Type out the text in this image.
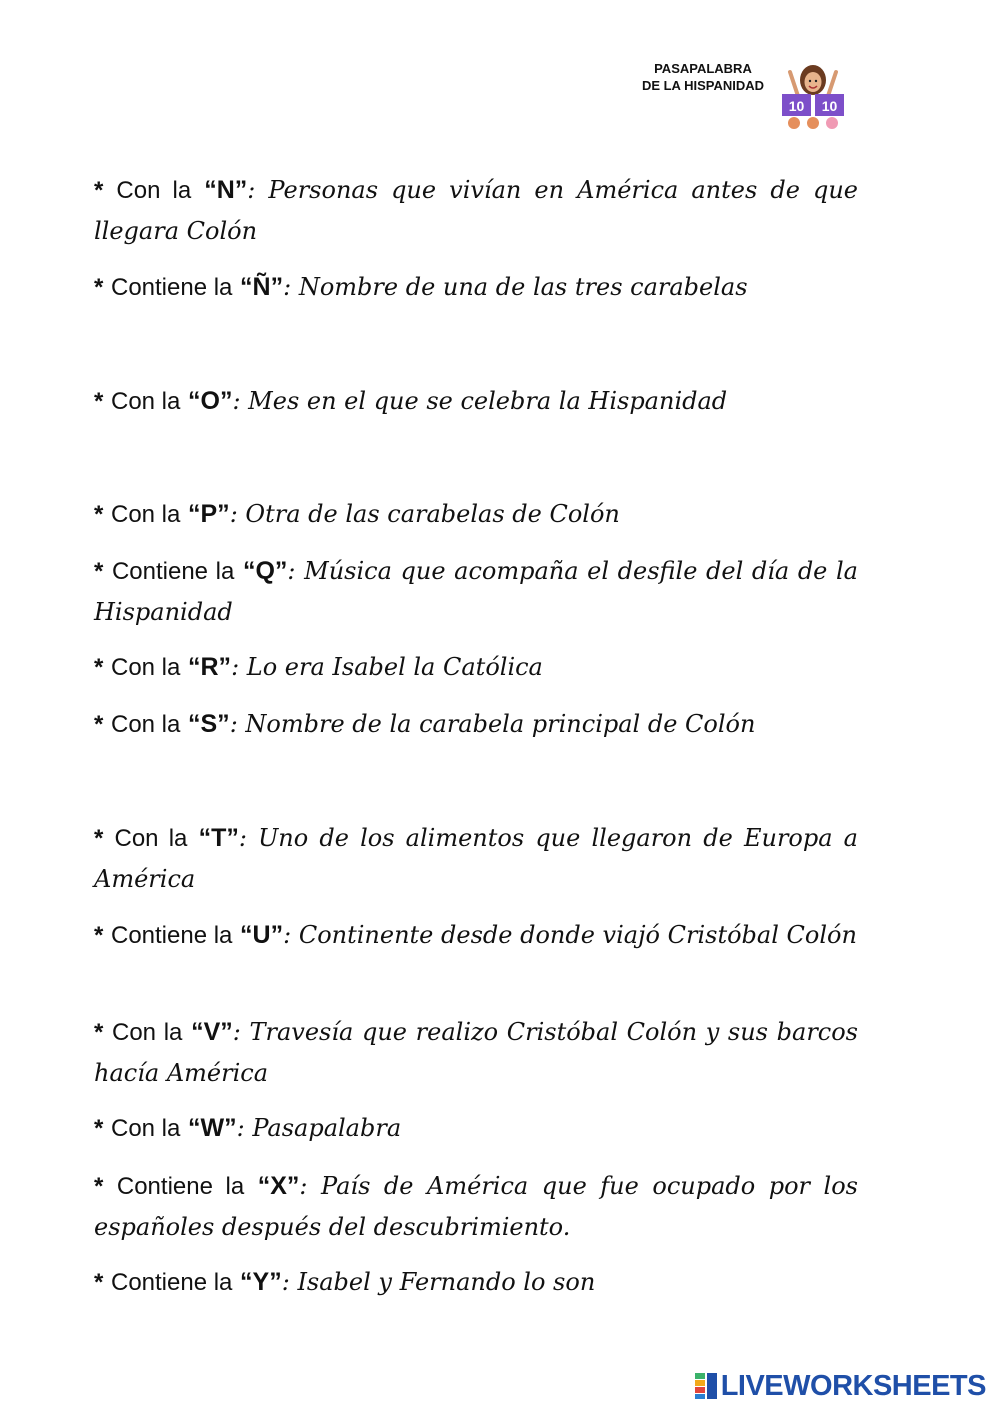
PASAPALABRA
DE LA HISPANIDAD
10 10

* Con la “N”: Personas que vivían en América antes de que llegara Colón

* Contiene la “Ñ”: Nombre de una de las tres carabelas

* Con la “O”: Mes en el que se celebra la Hispanidad

* Con la “P”: Otra de las carabelas de Colón

* Contiene la “Q”: Música que acompaña el desfile del día de la Hispanidad

* Con la “R”: Lo era Isabel la Católica

* Con la “S”: Nombre de la carabela principal de Colón

* Con la “T”: Uno de los alimentos que llegaron de Europa a América

* Contiene la “U”: Continente desde donde viajó Cristóbal Colón

* Con la “V”: Travesía que realizo Cristóbal Colón y sus barcos hacía América

* Con la “W”: Pasapalabra

* Contiene la “X”: País de América que fue ocupado por los españoles después del descubrimiento.

* Contiene la “Y”: Isabel y Fernando lo son

LIVEWORKSHEETS
